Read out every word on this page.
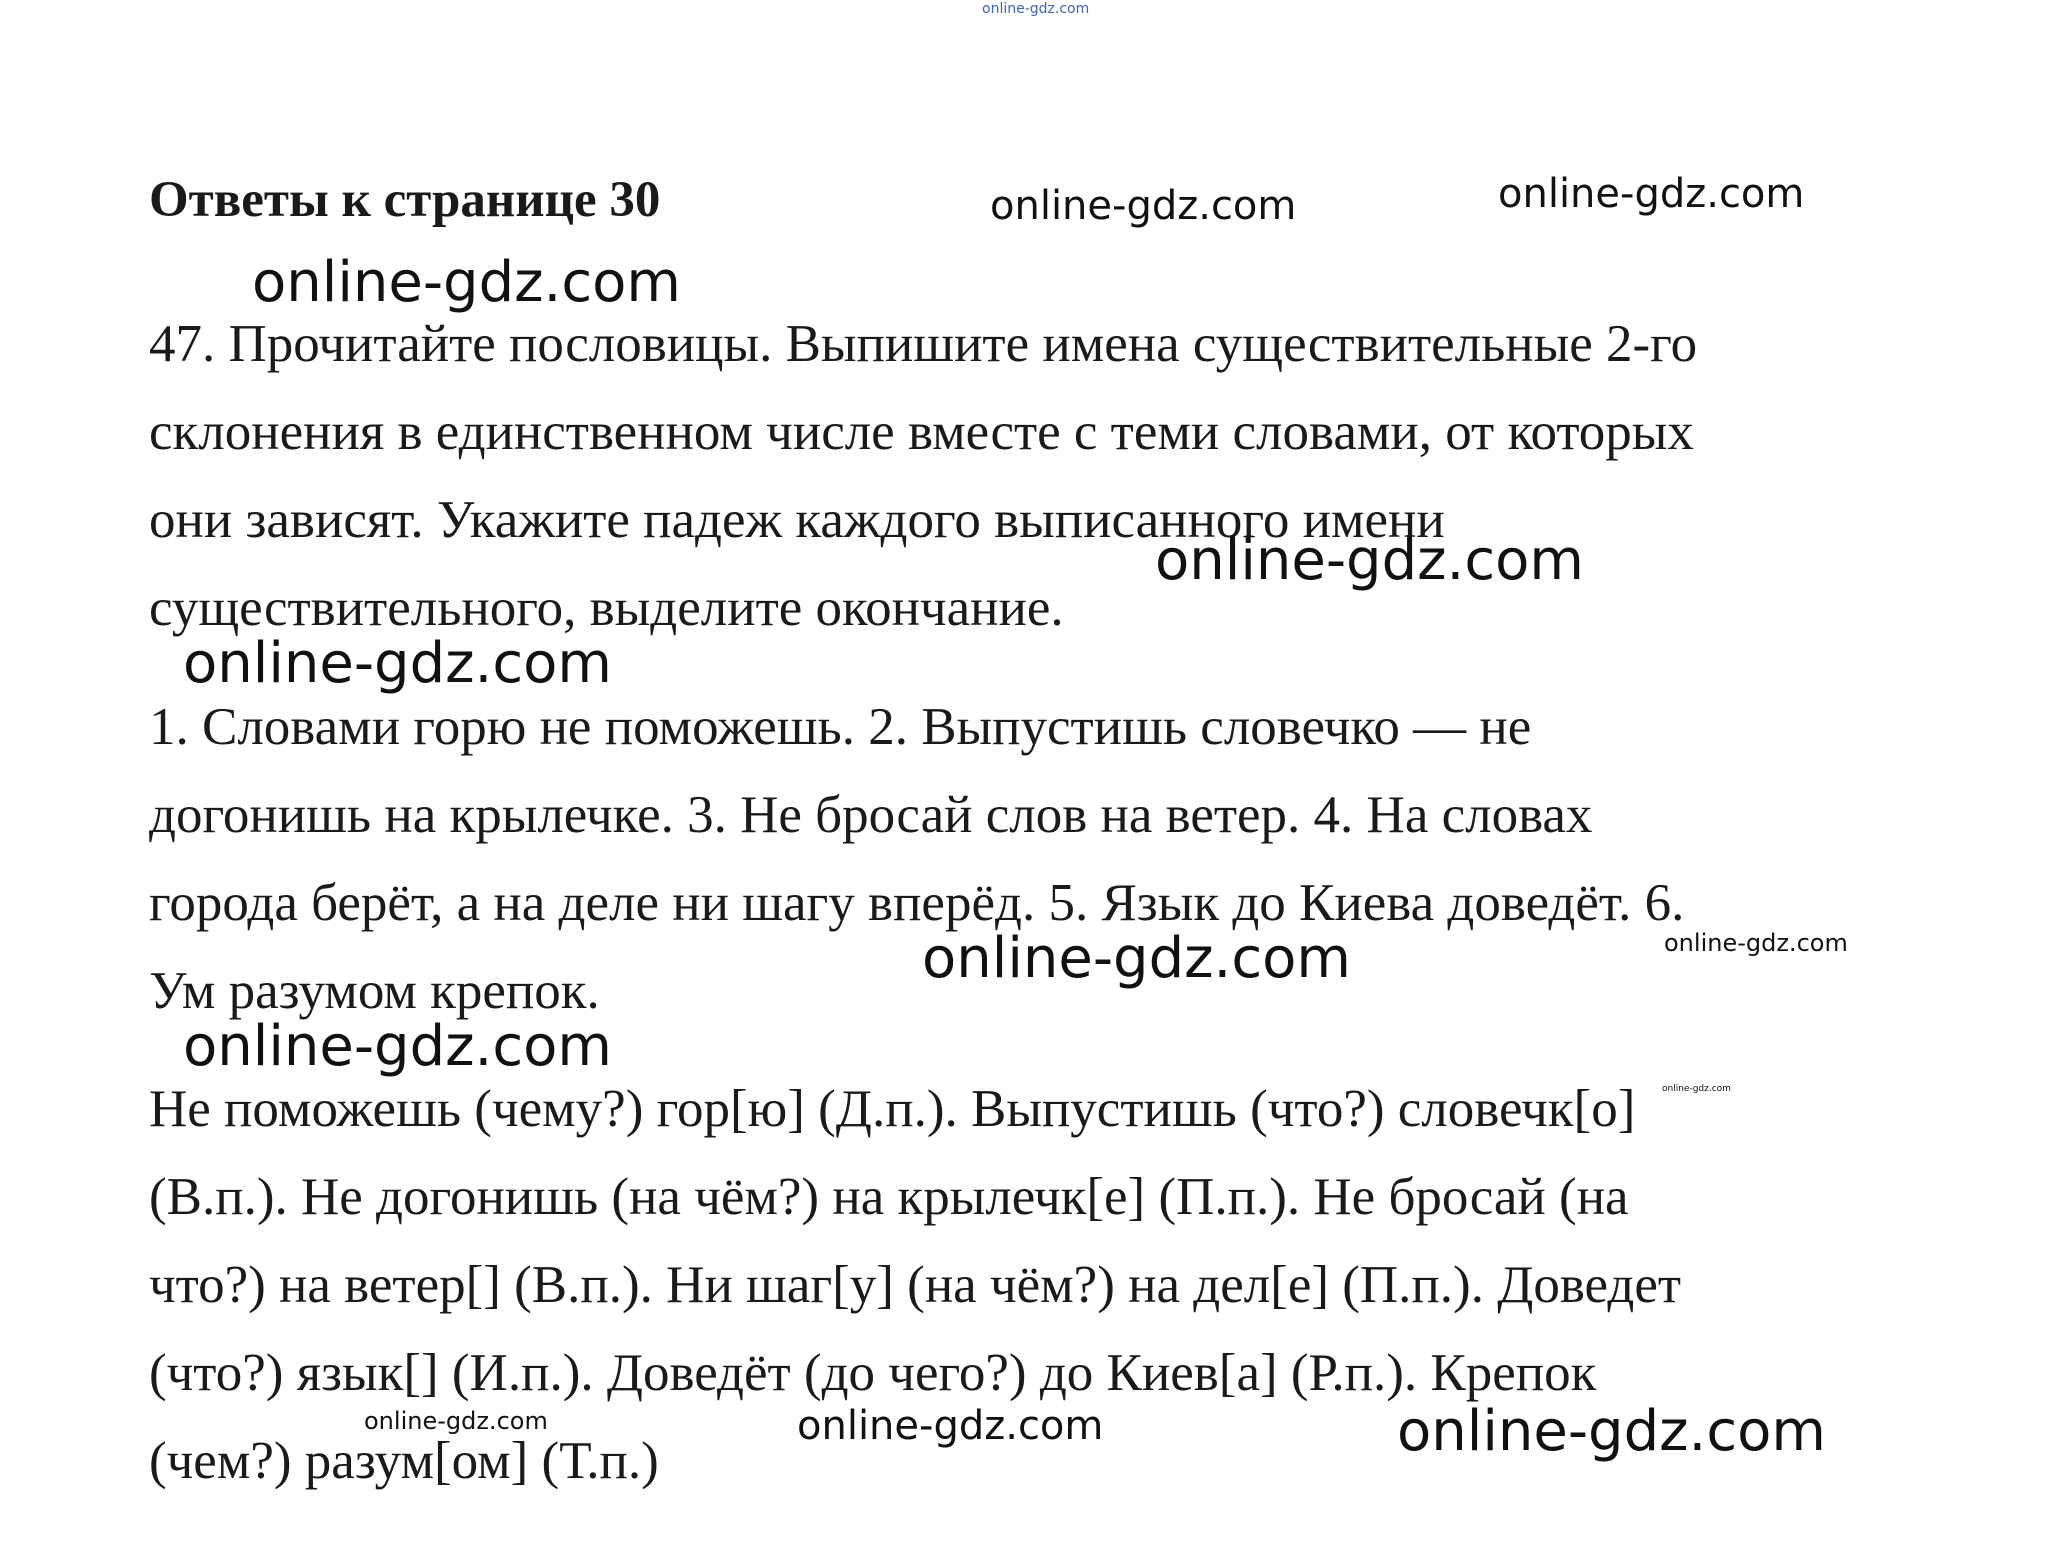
Ответы к странице 30
47. Прочитайте пословицы. Выпишите имена существительные 2-го
склонения в единственном числе вместе с теми словами, от которых
они зависят. Укажите падеж каждого выписанного имени
существительного, выделите окончание.
1. Словами горю не поможешь. 2. Выпустишь словечко — не
догонишь на крылечке. 3. Не бросай слов на ветер. 4. На словах
города берёт, а на деле ни шагу вперёд. 5. Язык до Киева доведёт. 6.
Ум разумом крепок.
Не поможешь (чему?) гор[ю] (Д.п.). Выпустишь (что?) словечк[о]
(В.п.). Не догонишь (на чём?) на крылечк[е] (П.п.). Не бросай (на
что?) на ветер[] (В.п.). Ни шаг[у] (на чём?) на дел[е] (П.п.). Доведет
(что?) язык[] (И.п.). Доведёт (до чего?) до Киев[а] (Р.п.). Крепок
(чем?) разум[ом] (Т.п.)
online-gdz.com
online-gdz.com	online-gdz.com
online-gdz.com
online-gdz.com
online-gdz.com
online-gdz.com	online-gdz.com
online-gdz.com
online-gdz.com
online-gdz.com	online-gdz.com	online-gdz.com
